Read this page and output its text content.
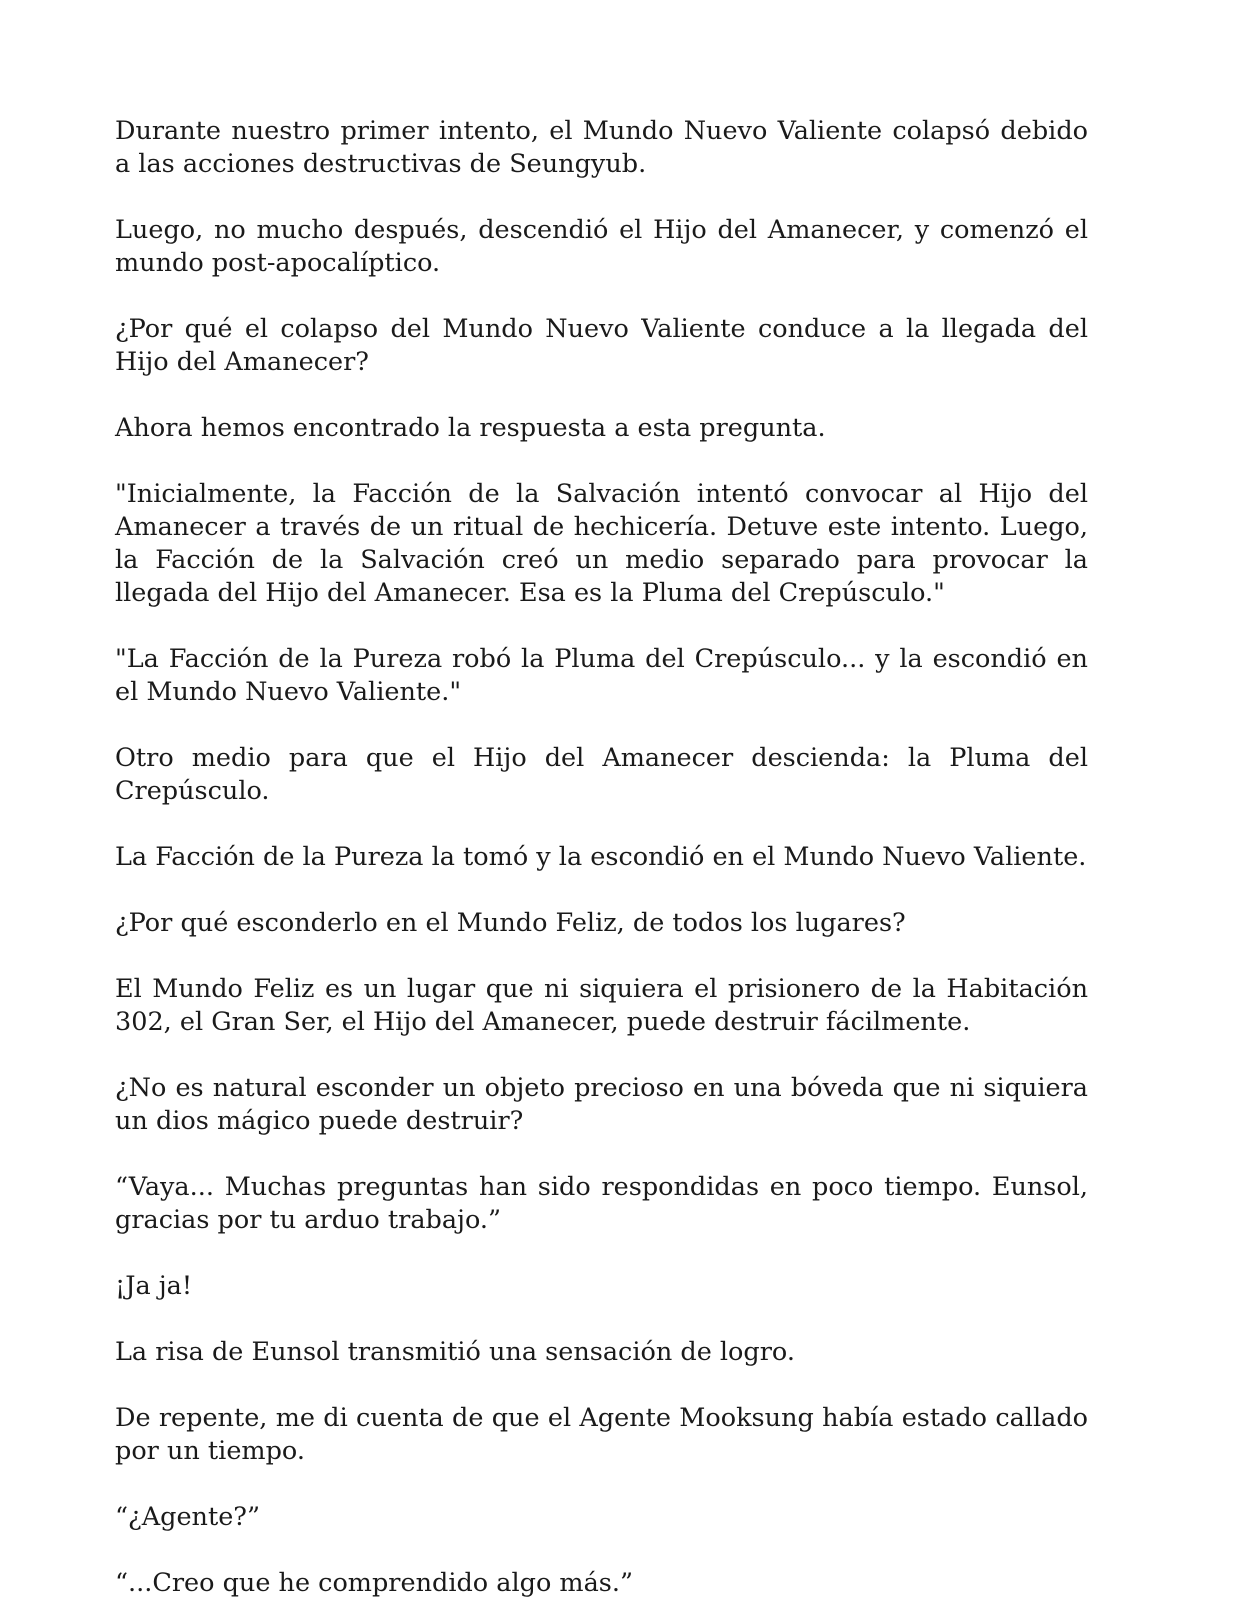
Durante nuestro primer intento, el Mundo Nuevo Valiente colapsó debido a las acciones destructivas de Seungyub.

Luego, no mucho después, descendió el Hijo del Amanecer, y comenzó el mundo post-apocalíptico.

¿Por qué el colapso del Mundo Nuevo Valiente conduce a la llegada del Hijo del Amanecer?

Ahora hemos encontrado la respuesta a esta pregunta.

"Inicialmente, la Facción de la Salvación intentó convocar al Hijo del Amanecer a través de un ritual de hechicería. Detuve este intento. Luego, la Facción de la Salvación creó un medio separado para provocar la llegada del Hijo del Amanecer. Esa es la Pluma del Crepúsculo."

"La Facción de la Pureza robó la Pluma del Crepúsculo... y la escondió en el Mundo Nuevo Valiente."

Otro medio para que el Hijo del Amanecer descienda: la Pluma del Crepúsculo.

La Facción de la Pureza la tomó y la escondió en el Mundo Nuevo Valiente.

¿Por qué esconderlo en el Mundo Feliz, de todos los lugares?

El Mundo Feliz es un lugar que ni siquiera el prisionero de la Habitación 302, el Gran Ser, el Hijo del Amanecer, puede destruir fácilmente.

¿No es natural esconder un objeto precioso en una bóveda que ni siquiera un dios mágico puede destruir?

“Vaya... Muchas preguntas han sido respondidas en poco tiempo. Eunsol, gracias por tu arduo trabajo.”

¡Ja ja!

La risa de Eunsol transmitió una sensación de logro.

De repente, me di cuenta de que el Agente Mooksung había estado callado por un tiempo.

“¿Agente?”

“...Creo que he comprendido algo más.”
